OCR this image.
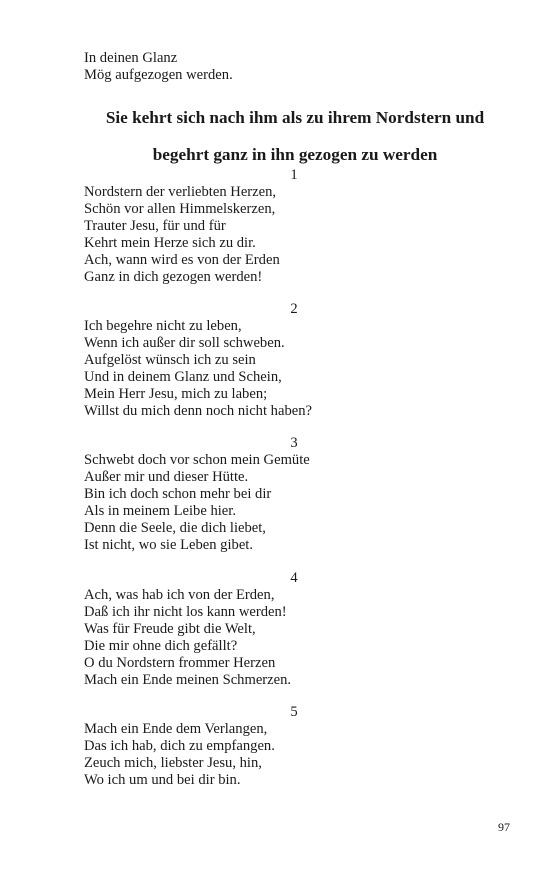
In deinen Glanz
Mög aufgezogen werden.
Sie kehrt sich nach ihm als zu ihrem Nordstern und
begehrt ganz in ihn gezogen zu werden
1
Nordstern der verliebten Herzen,
Schön vor allen Himmelskerzen,
Trauter Jesu, für und für
Kehrt mein Herze sich zu dir.
Ach, wann wird es von der Erden
Ganz in dich gezogen werden!
2
Ich begehre nicht zu leben,
Wenn ich außer dir soll schweben.
Aufgelöst wünsch ich zu sein
Und in deinem Glanz und Schein,
Mein Herr Jesu, mich zu laben;
Willst du mich denn noch nicht haben?
3
Schwebt doch vor schon mein Gemüte
Außer mir und dieser Hütte.
Bin ich doch schon mehr bei dir
Als in meinem Leibe hier.
Denn die Seele, die dich liebet,
Ist nicht, wo sie Leben gibet.
4
Ach, was hab ich von der Erden,
Daß ich ihr nicht los kann werden!
Was für Freude gibt die Welt,
Die mir ohne dich gefällt?
O du Nordstern frommer Herzen
Mach ein Ende meinen Schmerzen.
5
Mach ein Ende dem Verlangen,
Das ich hab, dich zu empfangen.
Zeuch mich, liebster Jesu, hin,
Wo ich um und bei dir bin.
97
